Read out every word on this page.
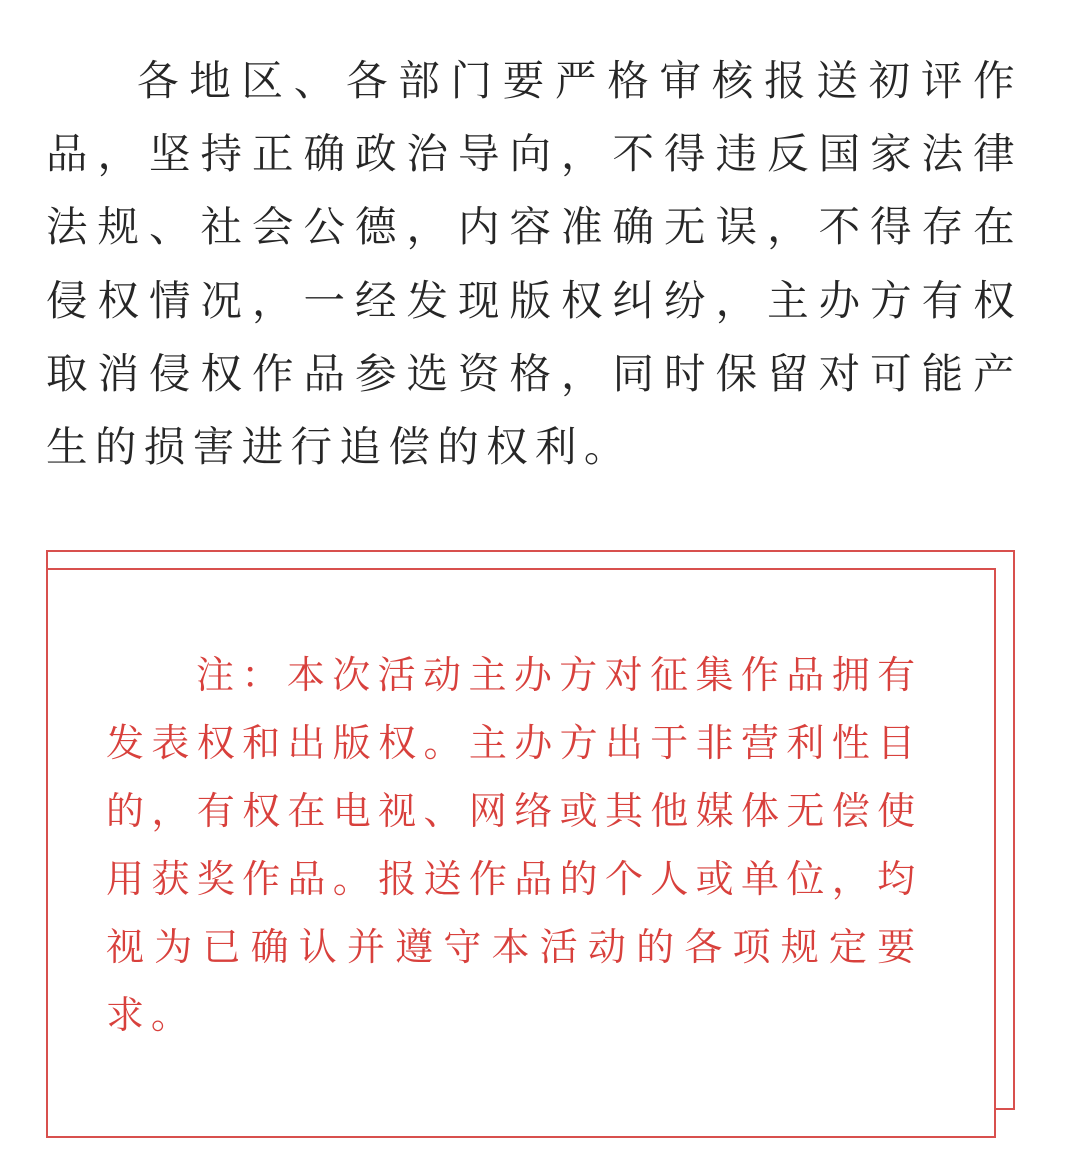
各地区、各部门要严格审核报送初评作品，坚持正确政治导向，不得违反国家法律法规、社会公德，内容准确无误，不得存在侵权情况，一经发现版权纠纷，主办方有权取消侵权作品参选资格，同时保留对可能产生的损害进行追偿的权利。

注：本次活动主办方对征集作品拥有发表权和出版权。主办方出于非营利性目的，有权在电视、网络或其他媒体无偿使用获奖作品。报送作品的个人或单位，均视为已确认并遵守本活动的各项规定要求。
